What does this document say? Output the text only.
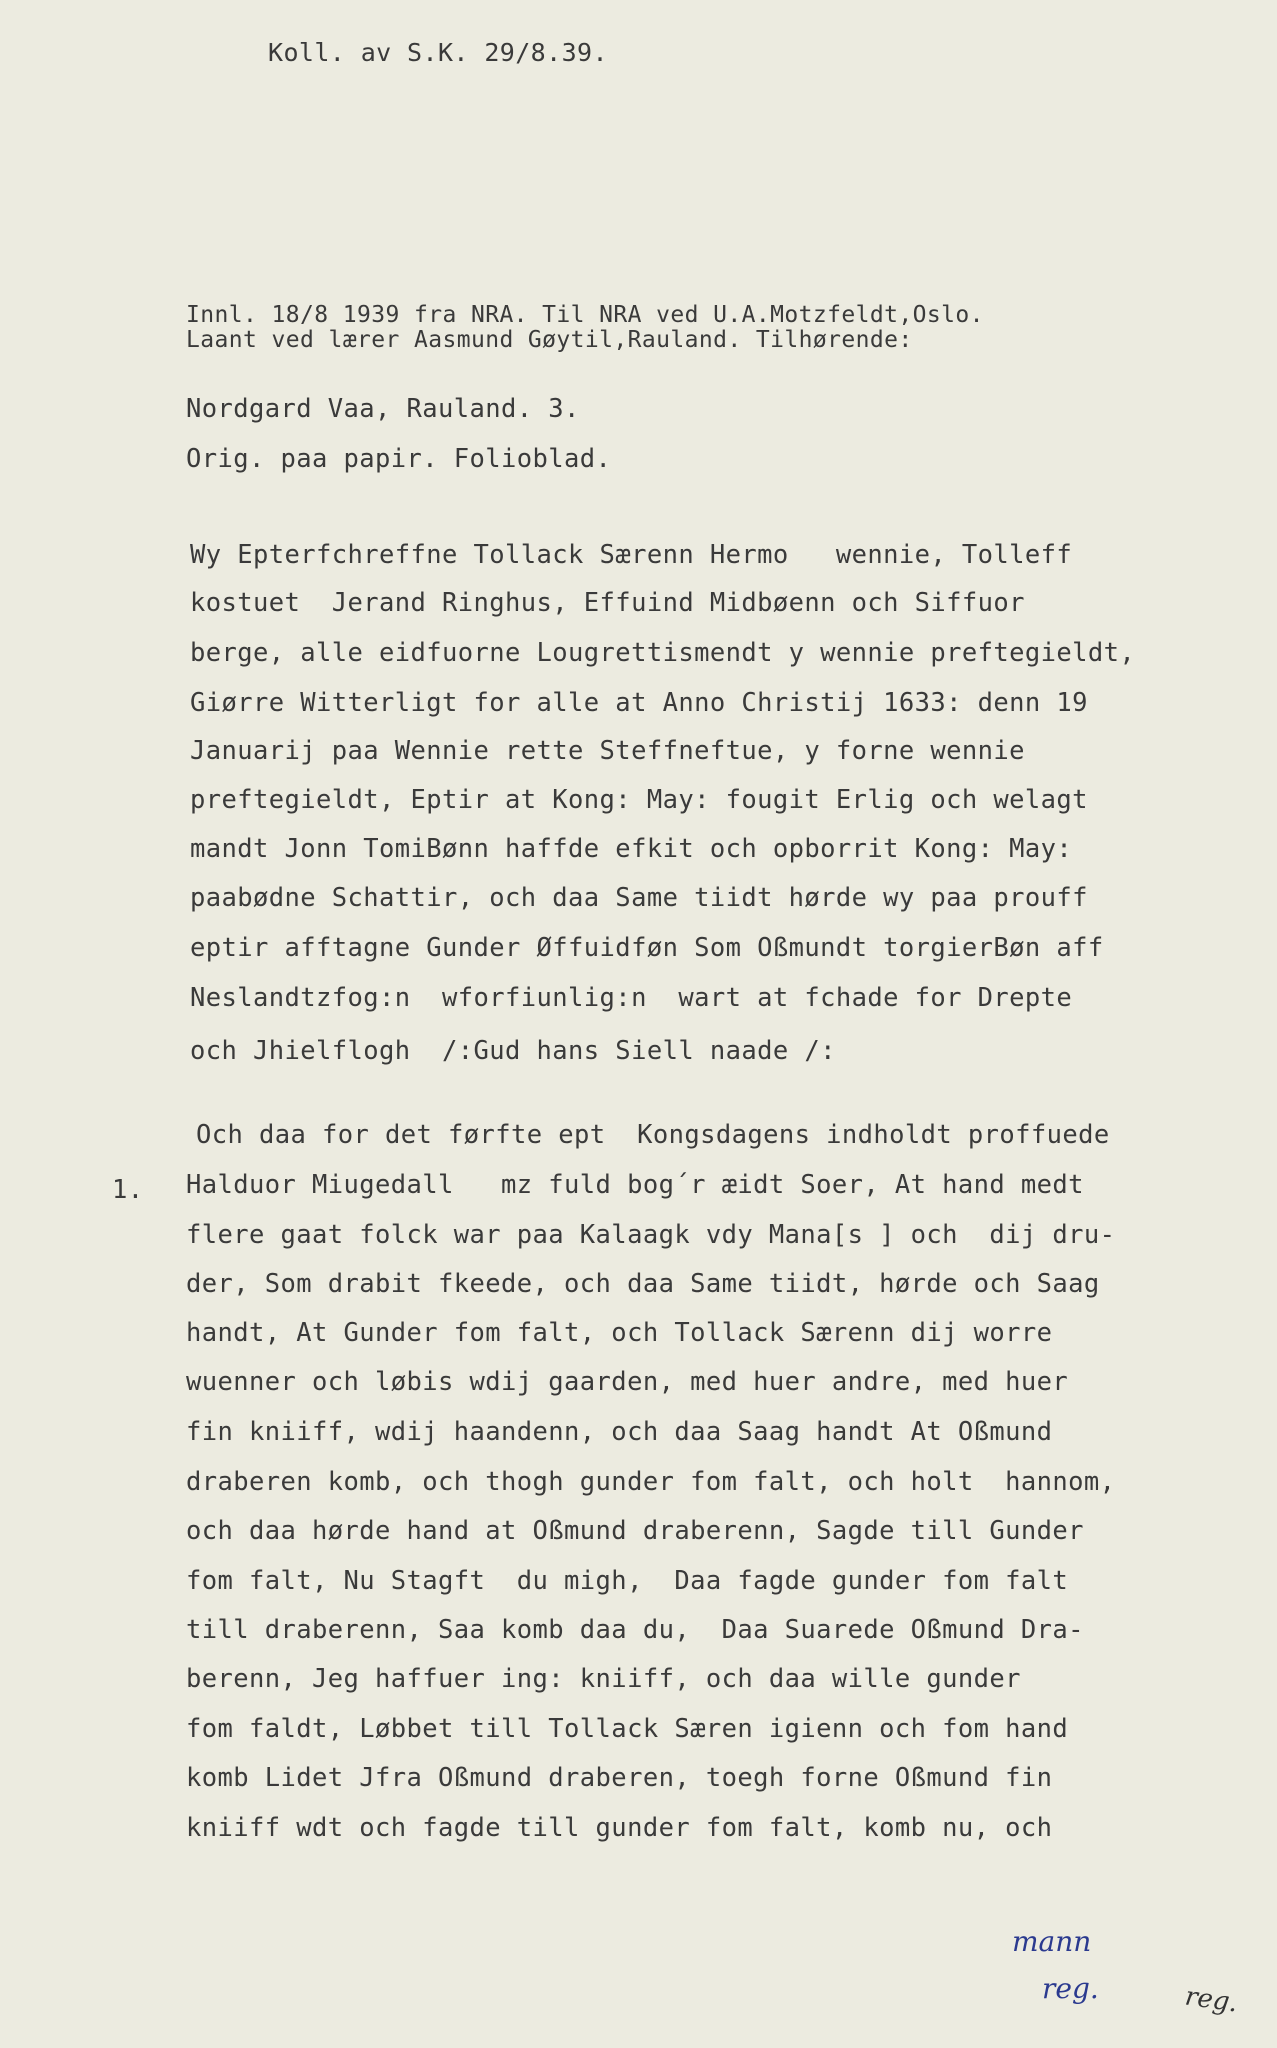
Koll. av S.K. 29/8.39.
Innl. 18/8 1939 fra NRA. Til NRA ved U.A.Motzfeldt,Oslo.
Laant ved lærer Aasmund Gøytil,Rauland. Tilhørende:
Nordgard Vaa, Rauland. 3.
Orig. paa papir. Folioblad.
Wy Epterfchreffne Tollack Særenn Hermo   wennie, Tolleff
kostuet  Jerand Ringhus, Effuind Midbøenn och Siffuor
berge, alle eidfuorne Lougrettismendt y wennie preftegieldt,
Giørre Witterligt for alle at Anno Christij 1633: denn 19
Januarij paa Wennie rette Steffneftue, y forne wennie
preftegieldt, Eptir at Kong: May: fougit Erlig och welagt
mandt Jonn TomiBønn haffde efkit och opborrit Kong: May:
paabødne Schattir, och daa Same tiidt hørde wy paa prouff
eptir afftagne Gunder Øffuidføn Som Oßmundt torgierBøn aff
Neslandtzfog:n  wforfiunlig:n  wart at fchade for Drepte
och Jhielflogh  /:Gud hans Siell naade /:
1.
Och daa for det førfte ept  Kongsdagens indholdt proffuede
Halduor Miugedall   mz fuld bog´r æidt Soer, At hand medt
flere gaat folck war paa Kalaagk vdy Mana[s ] och  dij dru-
der, Som drabit fkeede, och daa Same tiidt, hørde och Saag
handt, At Gunder fom falt, och Tollack Særenn dij worre
wuenner och løbis wdij gaarden, med huer andre, med huer
fin kniiff, wdij haandenn, och daa Saag handt At Oßmund
draberen komb, och thogh gunder fom falt, och holt  hannom,
och daa hørde hand at Oßmund draberenn, Sagde till Gunder
fom falt, Nu Stagft  du migh,  Daa fagde gunder fom falt
till draberenn, Saa komb daa du,  Daa Suarede Oßmund Dra-
berenn, Jeg haffuer ing: kniiff, och daa wille gunder
fom faldt, Løbbet till Tollack Særen igienn och fom hand
komb Lidet Jfra Oßmund draberen, toegh forne Oßmund fin
kniiff wdt och fagde till gunder fom falt, komb nu, och
mann
reg.	reg.
